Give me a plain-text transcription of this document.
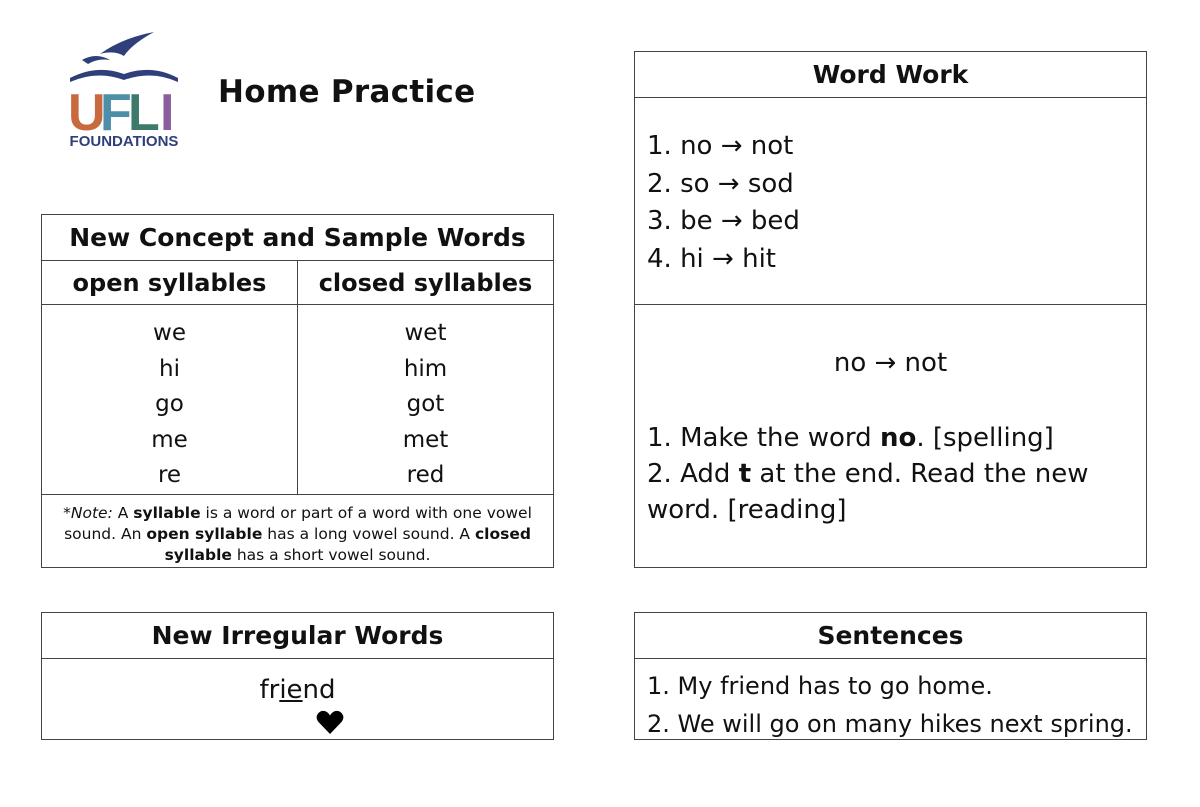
U
F
L I
FOUNDATIONS
Home Practice
New Concept and Sample Words
open syllables	closed syllables
we
hi
go
me
re
wet
him
got
met
red
*Note: A syllable is a word or part of a word with one vowel sound. An open syllable has a long vowel sound. A closed syllable has a short vowel sound.
New Irregular Words
friend
Word Work
1. no → not
2. so → sod
3. be → bed
4. hi → hit
no → not
1. Make the word no. [spelling]
2. Add t at the end. Read the new word. [reading]
Sentences
1. My friend has to go home.
2. We will go on many hikes next spring.
